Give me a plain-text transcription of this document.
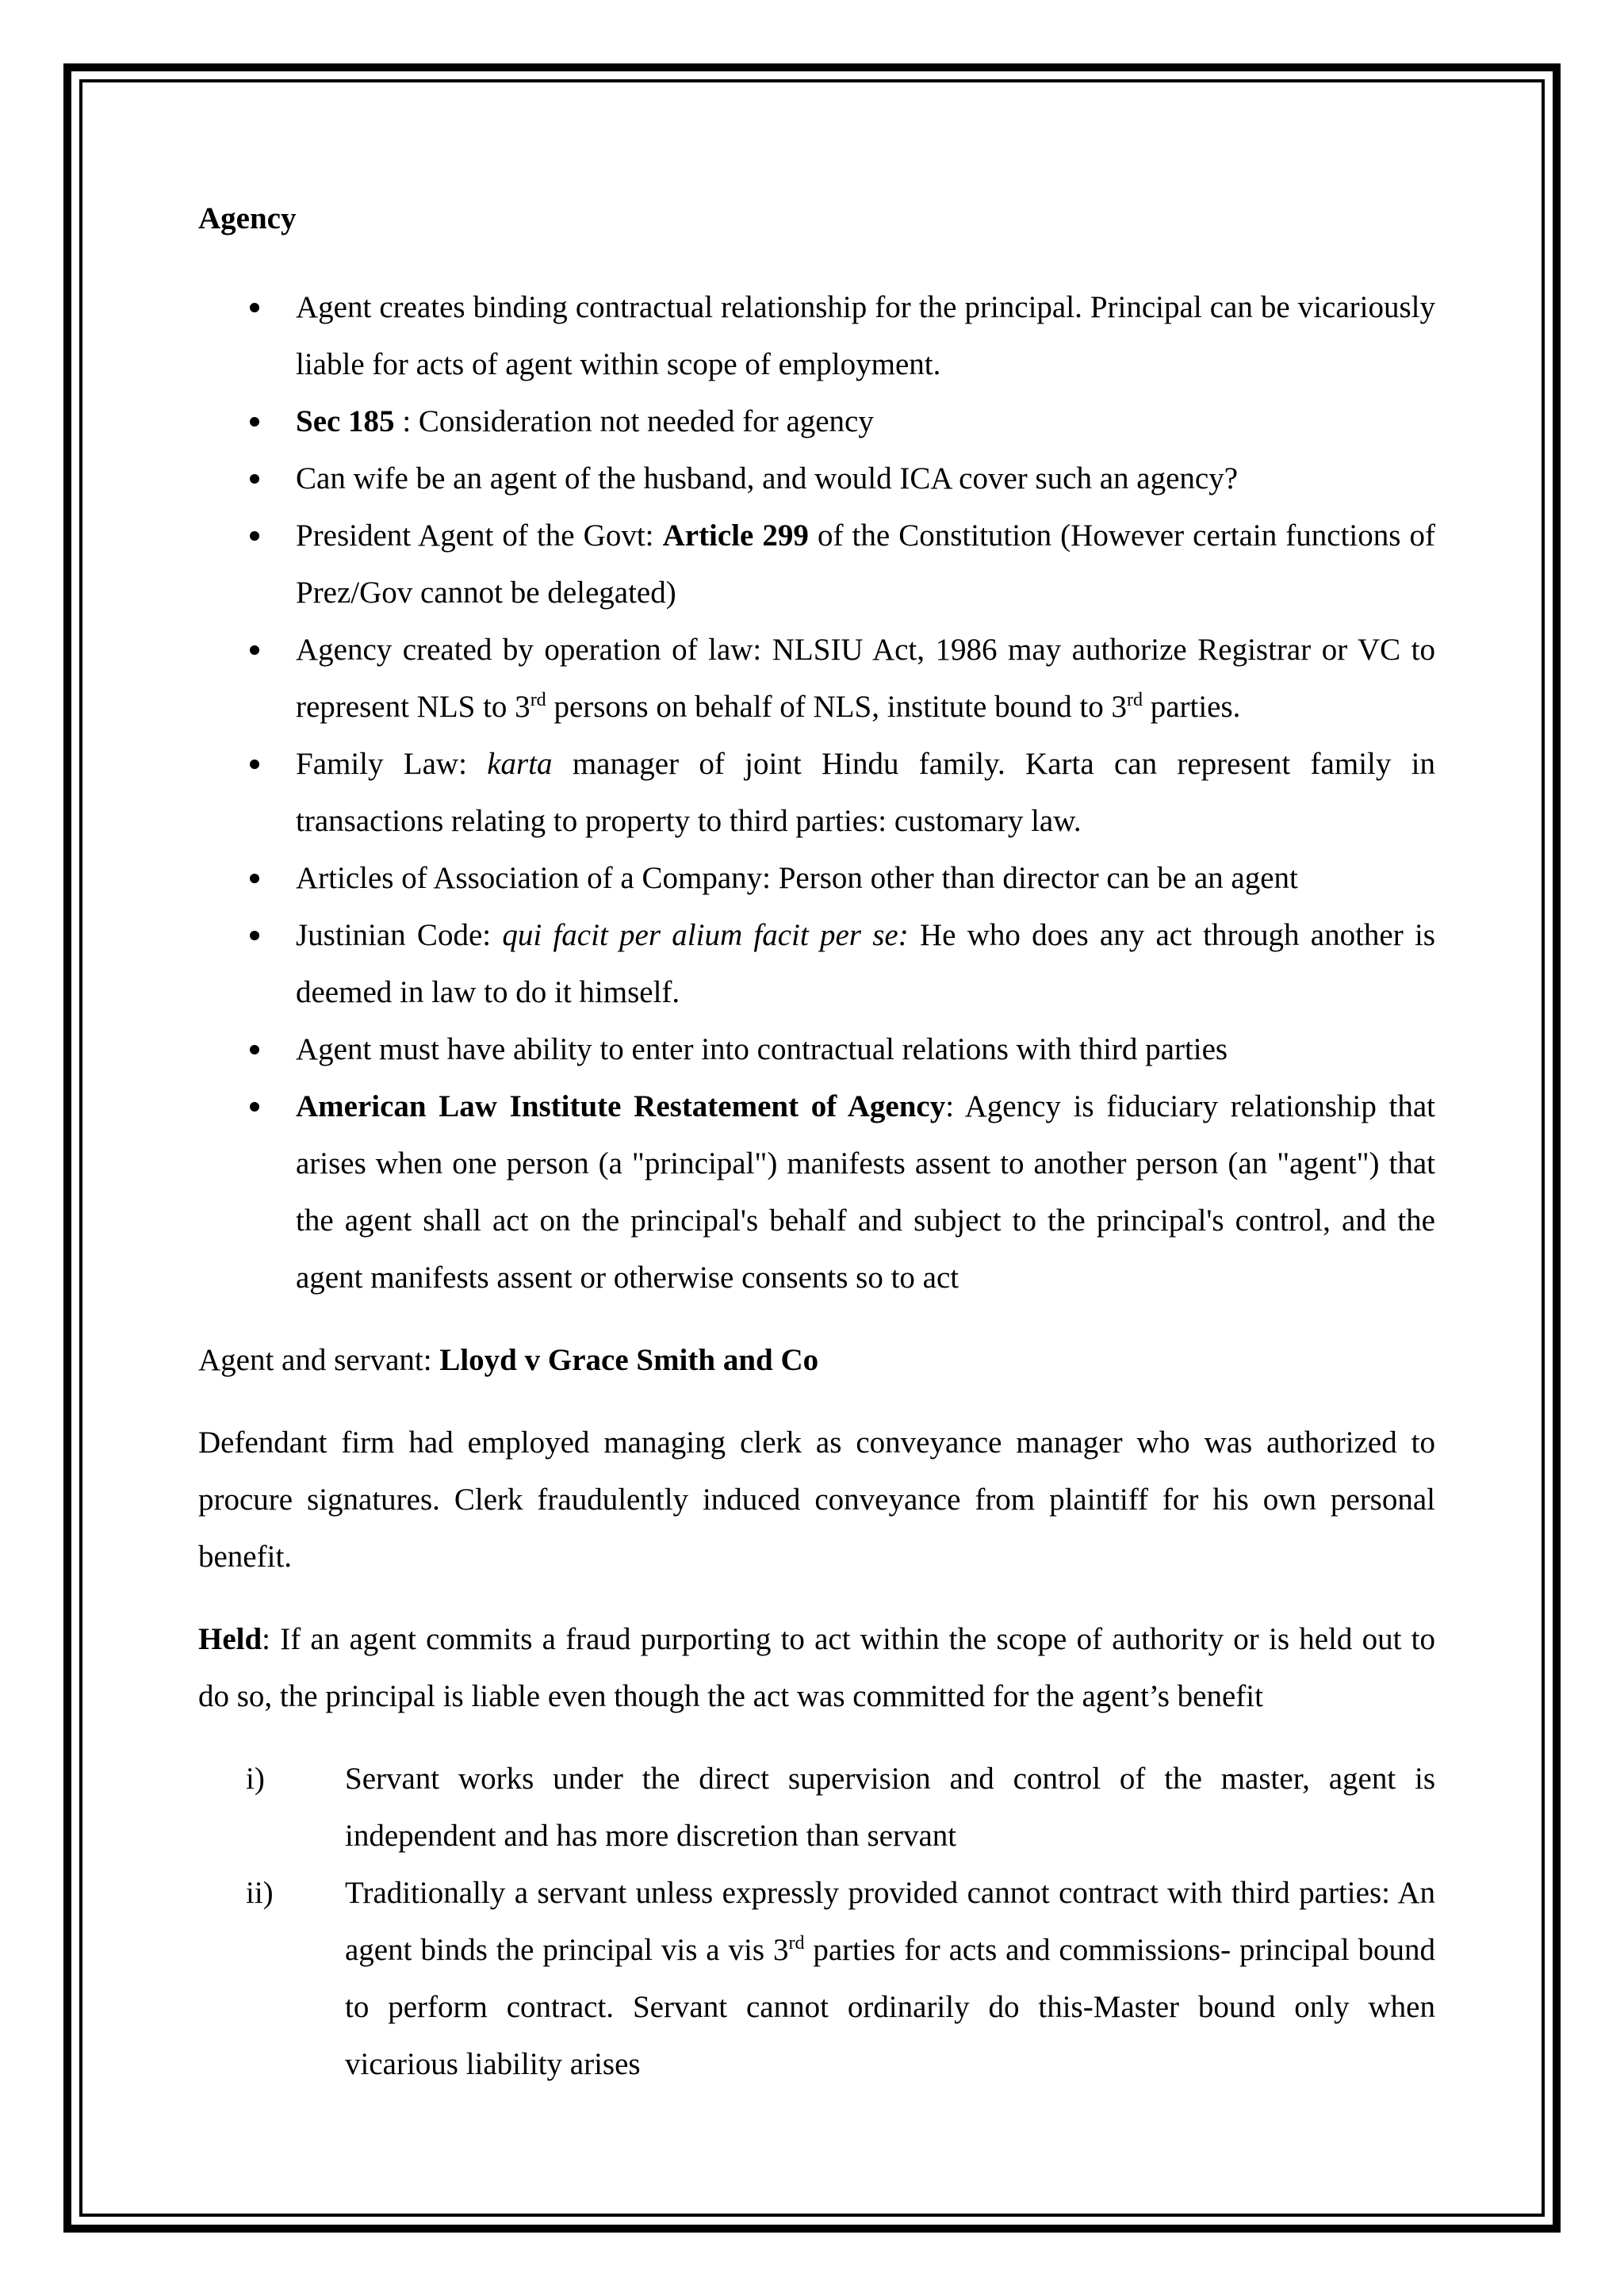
Agency

Agent creates binding contractual relationship for the principal. Principal can be vicariously liable for acts of agent within scope of employment.
Sec 185 : Consideration not needed for agency
Can wife be an agent of the husband, and would ICA cover such an agency?
President Agent of the Govt: Article 299 of the Constitution (However certain functions of Prez/Gov cannot be delegated)
Agency created by operation of law: NLSIU Act, 1986 may authorize Registrar or VC to represent NLS to 3rd persons on behalf of NLS, institute bound to 3rd parties.
Family Law: karta manager of joint Hindu family. Karta can represent family in transactions relating to property to third parties: customary law.
Articles of Association of a Company: Person other than director can be an agent
Justinian Code: qui facit per alium facit per se: He who does any act through another is deemed in law to do it himself.
Agent must have ability to enter into contractual relations with third parties
American Law Institute Restatement of Agency: Agency is fiduciary relationship that arises when one person (a "principal") manifests assent to another person (an "agent") that the agent shall act on the principal's behalf and subject to the principal's control, and the agent manifests assent or otherwise consents so to act

Agent and servant: Lloyd v Grace Smith and Co

Defendant firm had employed managing clerk as conveyance manager who was authorized to procure signatures. Clerk fraudulently induced conveyance from plaintiff for his own personal benefit.

Held: If an agent commits a fraud purporting to act within the scope of authority or is held out to do so, the principal is liable even though the act was committed for the agent’s benefit

i)	Servant works under the direct supervision and control of the master, agent is independent and has more discretion than servant
ii) Traditionally a servant unless expressly provided cannot contract with third parties: An agent binds the principal vis a vis 3rd parties for acts and commissions- principal bound to perform contract. Servant cannot ordinarily do this-Master bound only when vicarious liability arises
